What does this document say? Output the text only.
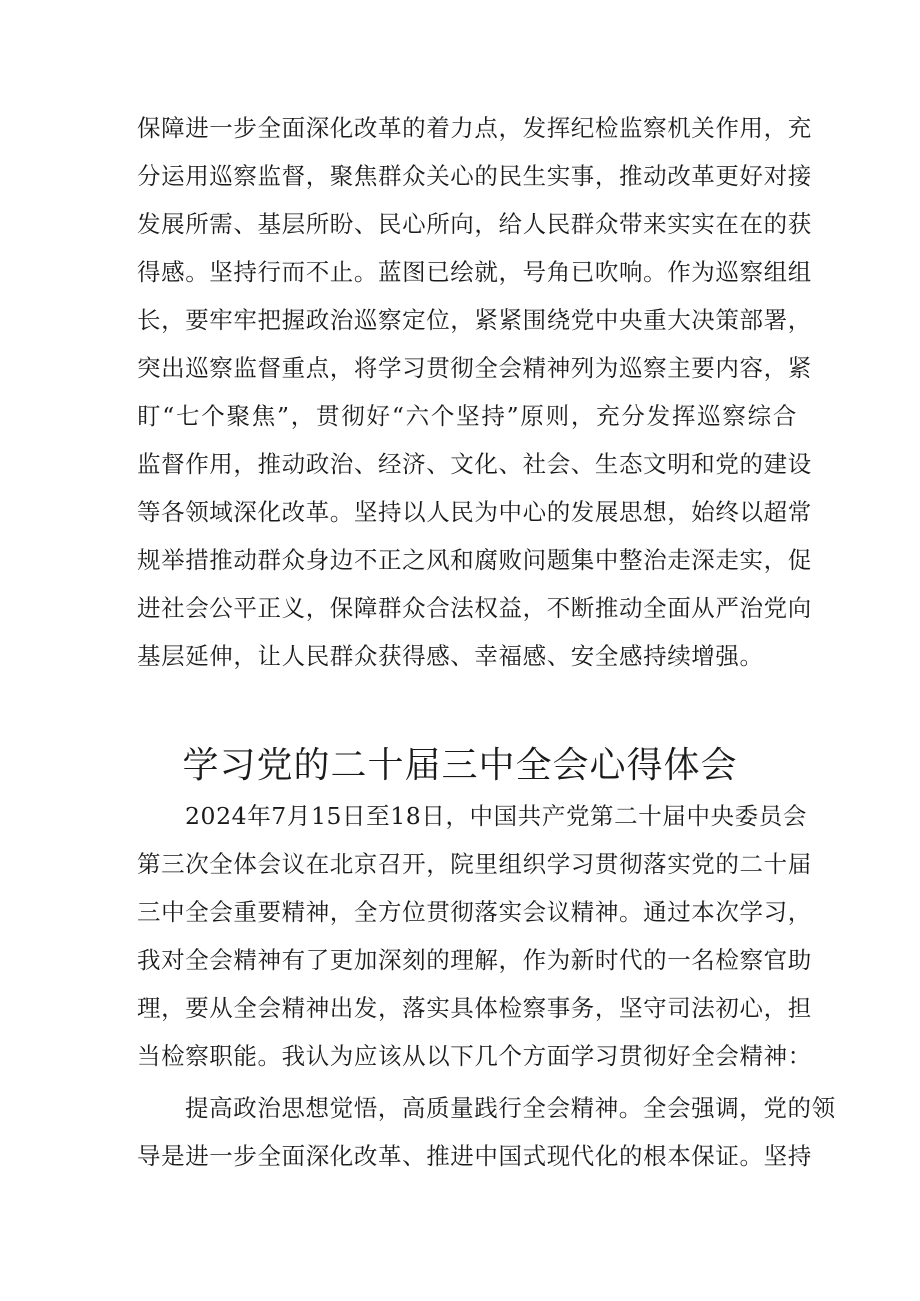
保障进一步全面深化改革的着力点，发挥纪检监察机关作用，充
分运用巡察监督，聚焦群众关心的民生实事，推动改革更好对接
发展所需、基层所盼、民心所向，给人民群众带来实实在在的获
得感。坚持行而不止。蓝图已绘就，号角已吹响。作为巡察组组
长，要牢牢把握政治巡察定位，紧紧围绕党中央重大决策部署，
突出巡察监督重点，将学习贯彻全会精神列为巡察主要内容，紧
盯“七个聚焦”，贯彻好“六个坚持”原则，充分发挥巡察综合
监督作用，推动政治、经济、文化、社会、生态文明和党的建设
等各领域深化改革。坚持以人民为中心的发展思想，始终以超常
规举措推动群众身边不正之风和腐败问题集中整治走深走实，促
进社会公平正义，保障群众合法权益，不断推动全面从严治党向
基层延伸，让人民群众获得感、幸福感、安全感持续增强。
学习党的二十届三中全会心得体会
2024年7月15日至18日，中国共产党第二十届中央委员会
第三次全体会议在北京召开，院里组织学习贯彻落实党的二十届
三中全会重要精神，全方位贯彻落实会议精神。通过本次学习，
我对全会精神有了更加深刻的理解，作为新时代的一名检察官助
理，要从全会精神出发，落实具体检察事务，坚守司法初心，担
当检察职能。我认为应该从以下几个方面学习贯彻好全会精神：
提高政治思想觉悟，高质量践行全会精神。全会强调，党的领
导是进一步全面深化改革、推进中国式现代化的根本保证。坚持
